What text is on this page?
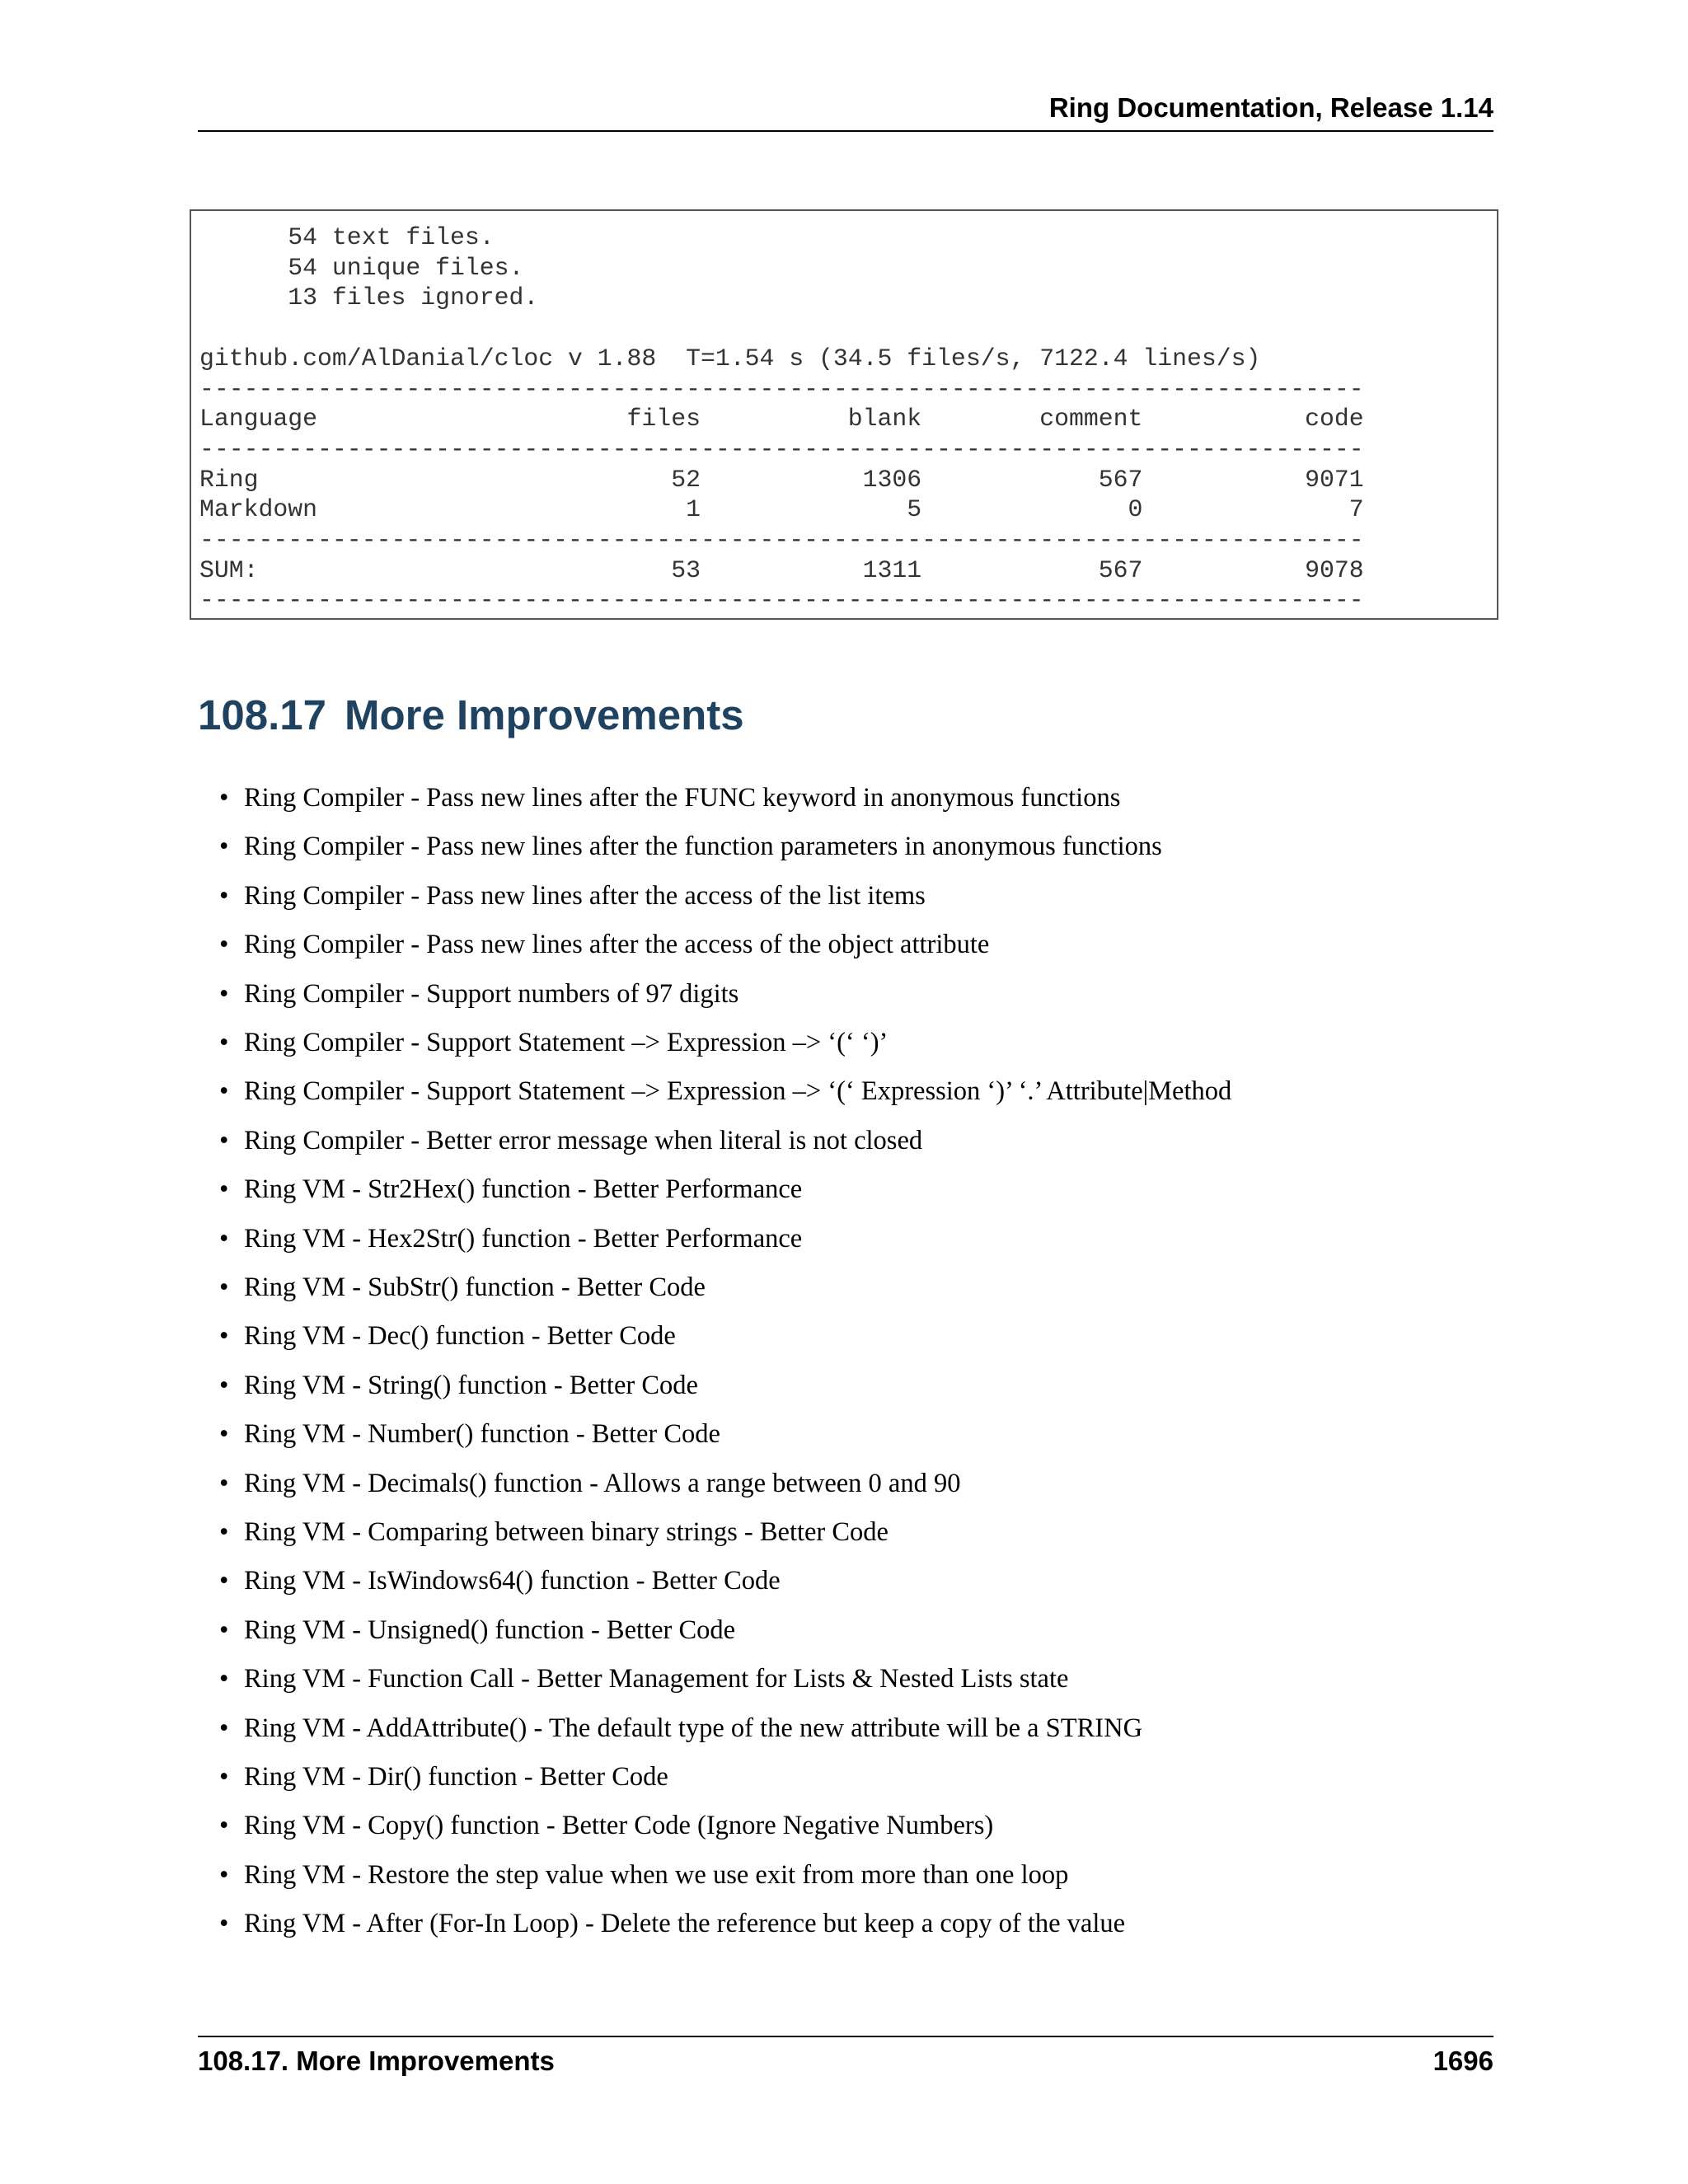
Ring Documentation, Release 1.14
54 text files.
54 unique files.
13 files ignored.

github.com/AlDanial/cloc v 1.88  T=1.54 s (34.5 files/s, 7122.4 lines/s)
-------------------------------------------------------------------------------
Language                     files          blank        comment           code
-------------------------------------------------------------------------------
Ring                            52           1306            567           9071
Markdown                         1              5              0              7
-------------------------------------------------------------------------------
SUM:                            53           1311            567           9078
-------------------------------------------------------------------------------
108.17 More Improvements
• Ring Compiler - Pass new lines after the FUNC keyword in anonymous functions
• Ring Compiler - Pass new lines after the function parameters in anonymous functions
• Ring Compiler - Pass new lines after the access of the list items
• Ring Compiler - Pass new lines after the access of the object attribute
• Ring Compiler - Support numbers of 97 digits
• Ring Compiler - Support Statement –> Expression –> ‘(‘ ‘)’
• Ring Compiler - Support Statement –> Expression –> ‘(‘ Expression ‘)’ ‘.’ Attribute|Method
• Ring Compiler - Better error message when literal is not closed
• Ring VM - Str2Hex() function - Better Performance
• Ring VM - Hex2Str() function - Better Performance
• Ring VM - SubStr() function - Better Code
• Ring VM - Dec() function - Better Code
• Ring VM - String() function - Better Code
• Ring VM - Number() function - Better Code
• Ring VM - Decimals() function - Allows a range between 0 and 90
• Ring VM - Comparing between binary strings - Better Code
• Ring VM - IsWindows64() function - Better Code
• Ring VM - Unsigned() function - Better Code
• Ring VM - Function Call - Better Management for Lists & Nested Lists state
• Ring VM - AddAttribute() - The default type of the new attribute will be a STRING
• Ring VM - Dir() function - Better Code
• Ring VM - Copy() function - Better Code (Ignore Negative Numbers)
• Ring VM - Restore the step value when we use exit from more than one loop
• Ring VM - After (For-In Loop) - Delete the reference but keep a copy of the value
108.17. More Improvements	1696
